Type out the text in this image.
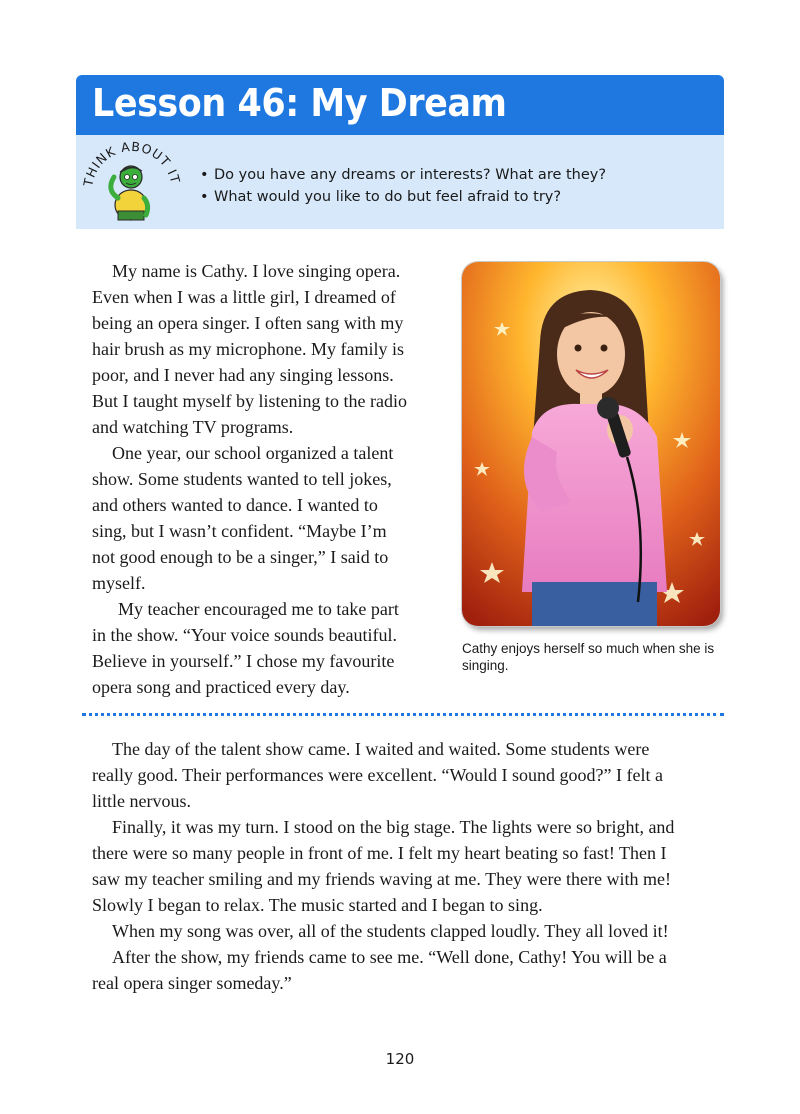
Lesson 46: My Dream
THINK ABOUT IT • Do you have any dreams or interests? What are they?
• What would you like to do but feel afraid to try?
My name is Cathy. I love singing opera.
Even when I was a little girl, I dreamed of
being an opera singer. I often sang with my
hair brush as my microphone. My family is
poor, and I never had any singing lessons.
But I taught myself by listening to the radio
and watching TV programs.
One year, our school organized a talent
show. Some students wanted to tell jokes,
and others wanted to dance. I wanted to
sing, but I wasn’t confident. “Maybe I’m
not good enough to be a singer,” I said to
myself.
My teacher encouraged me to take part
in the show. “Your voice sounds beautiful.
Believe in yourself.” I chose my favourite
opera song and practiced every day.
Cathy enjoys herself so much when she is singing.
The day of the talent show came. I waited and waited. Some students were
really good. Their performances were excellent. “Would I sound good?” I felt a
little nervous.
Finally, it was my turn. I stood on the big stage. The lights were so bright, and
there were so many people in front of me. I felt my heart beating so fast! Then I
saw my teacher smiling and my friends waving at me. They were there with me!
Slowly I began to relax. The music started and I began to sing.
When my song was over, all of the students clapped loudly. They all loved it!
After the show, my friends came to see me. “Well done, Cathy! You will be a
real opera singer someday.”
120
